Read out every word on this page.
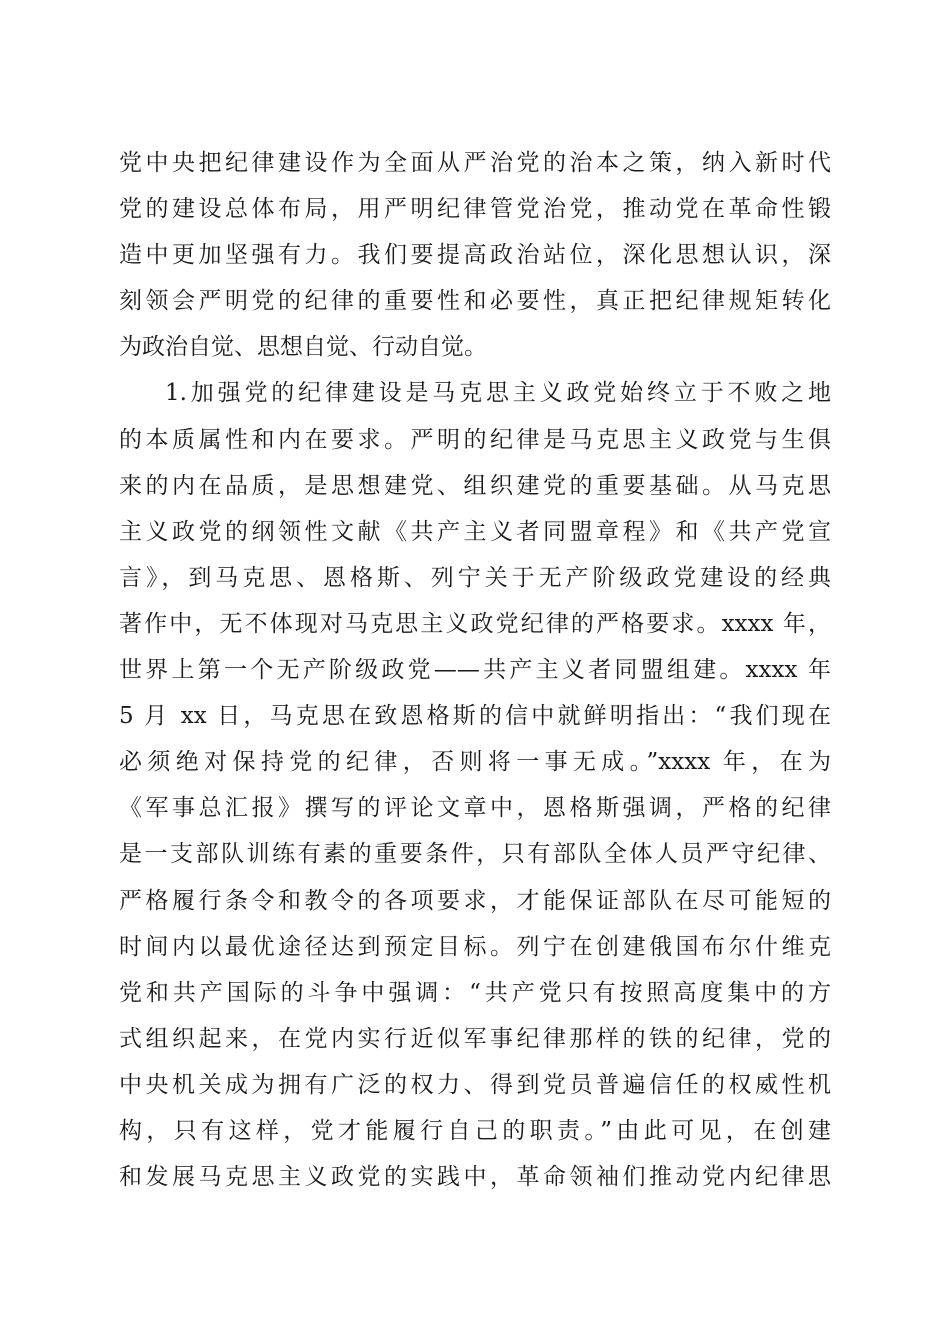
党中央把纪律建设作为全面从严治党的治本之策，纳入新时代
党的建设总体布局，用严明纪律管党治党，推动党在革命性锻
造中更加坚强有力。我们要提高政治站位，深化思想认识，深
刻领会严明党的纪律的重要性和必要性，真正把纪律规矩转化
为政治自觉、思想自觉、行动自觉。
1.加强党的纪律建设是马克思主义政党始终立于不败之地
的本质属性和内在要求。严明的纪律是马克思主义政党与生俱
来的内在品质，是思想建党、组织建党的重要基础。从马克思
主义政党的纲领性文献《共产主义者同盟章程》和《共产党宣
言》，到马克思、恩格斯、列宁关于无产阶级政党建设的经典
著作中，无不体现对马克思主义政党纪律的严格要求。xxxx 年，
世界上第一个无产阶级政党——共产主义者同盟组建。xxxx 年
5 月 xx 日，马克思在致恩格斯的信中就鲜明指出：“我们现在
必须绝对保持党的纪律，否则将一事无成。”xxxx 年，在为
《军事总汇报》撰写的评论文章中，恩格斯强调，严格的纪律
是一支部队训练有素的重要条件，只有部队全体人员严守纪律、
严格履行条令和教令的各项要求，才能保证部队在尽可能短的
时间内以最优途径达到预定目标。列宁在创建俄国布尔什维克
党和共产国际的斗争中强调：“共产党只有按照高度集中的方
式组织起来，在党内实行近似军事纪律那样的铁的纪律，党的
中央机关成为拥有广泛的权力、得到党员普遍信任的权威性机
构，只有这样，党才能履行自己的职责。”由此可见，在创建
和发展马克思主义政党的实践中，革命领袖们推动党内纪律思
